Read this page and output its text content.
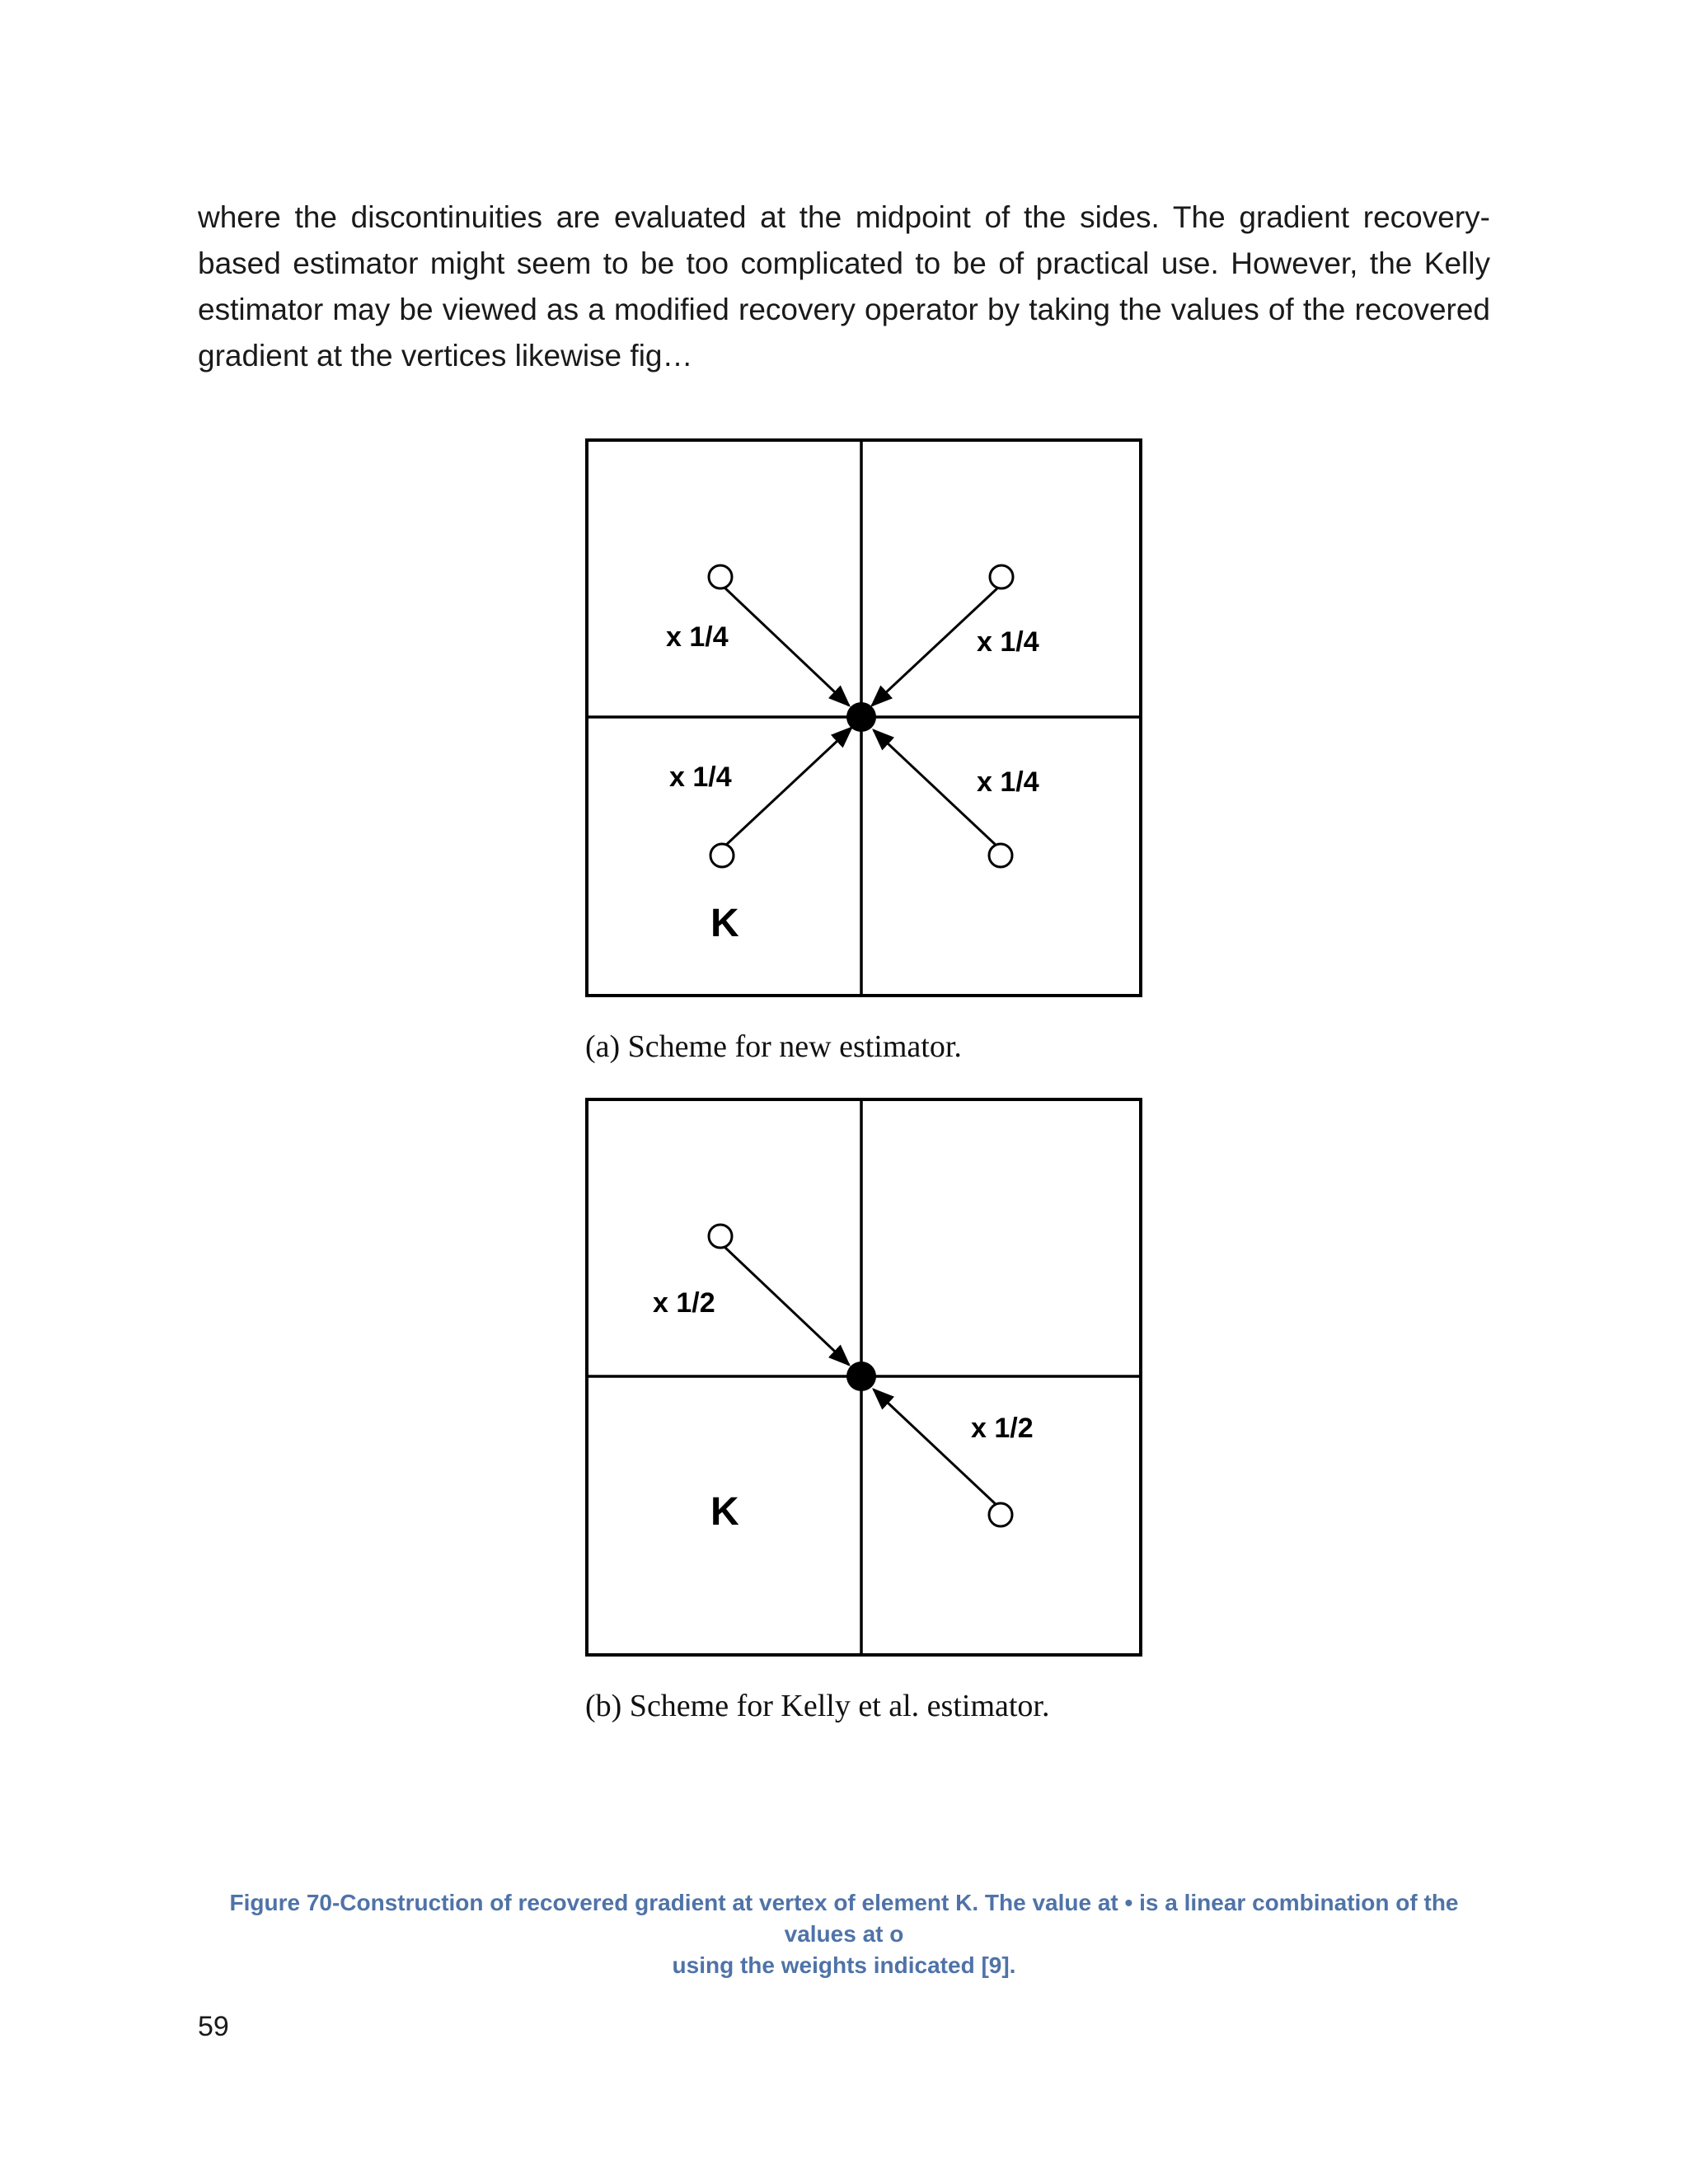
where the discontinuities are evaluated at the midpoint of the sides. The gradient recovery-
based estimator might seem to be too complicated to be of practical use. However, the Kelly
estimator may be viewed as a modified recovery operator by taking the values of the recovered
gradient at the vertices likewise fig…
x 1/4	x 1/4
x 1/4	x 1/4
K
(a) Scheme for new estimator.
x 1/2
x 1/2
K
(b) Scheme for Kelly et al. estimator.
Figure 70-Construction of recovered gradient at vertex of element K. The value at • is a linear combination of the values at o
using the weights indicated [9].
59
